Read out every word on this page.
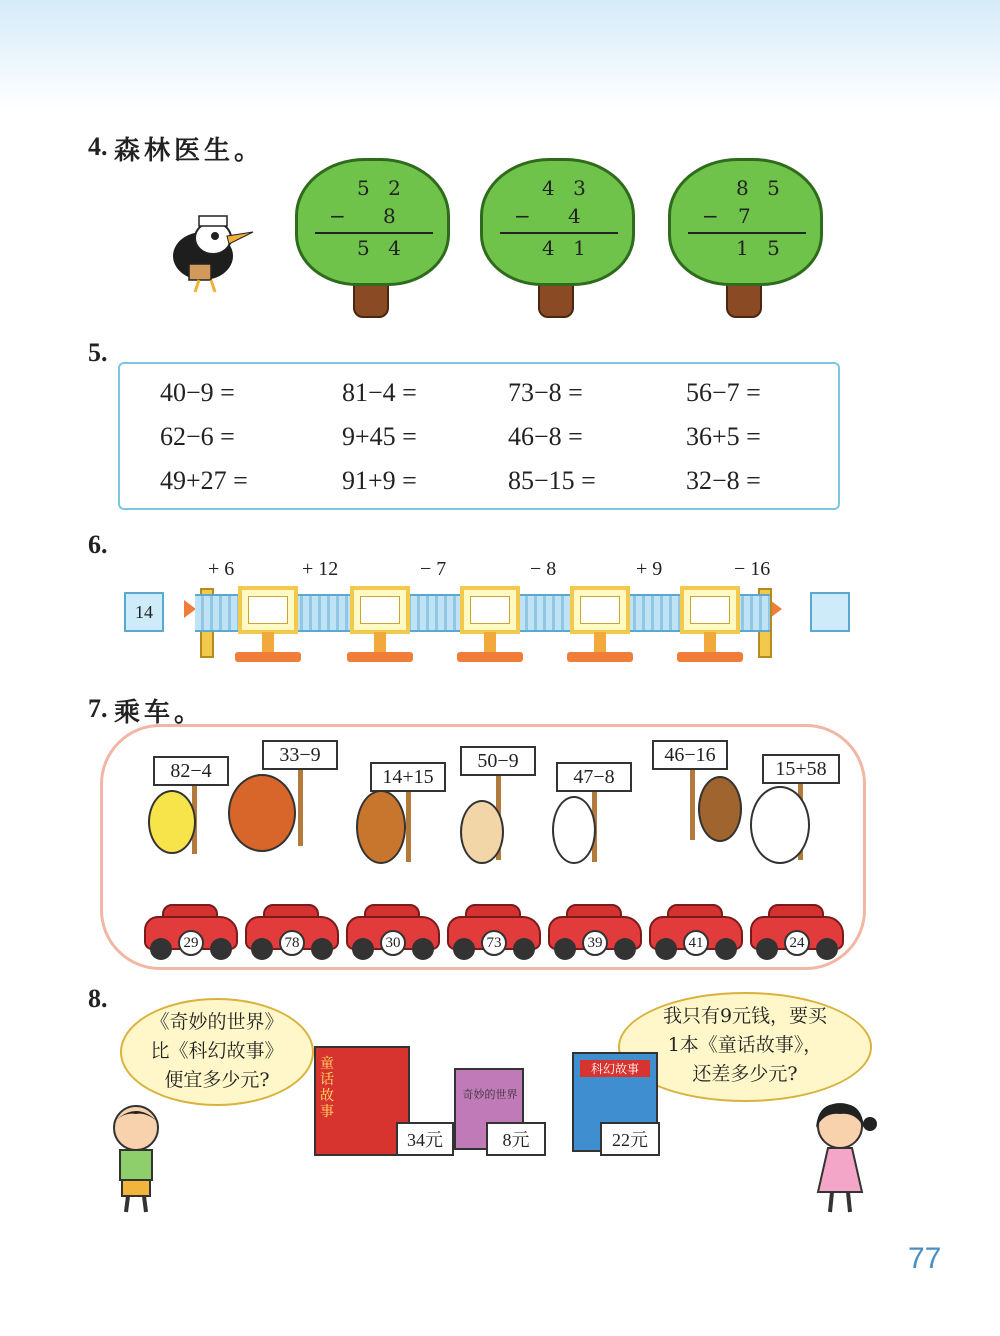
4. 森林医生。
5 2
− 8
5 4
4 3
− 4
4 1
8 5
− 7
1 5
5.
40−9 =	81−4 =	73−8 =	56−7 =
62−6 =	9+45 =	46−8 =	36+5 =
49+27 =	91+9 =	85−15 =	32−8 =
6.
14
+ 6	+ 12	− 7	− 8	+ 9	− 16
7. 乘车。
82−4
33−9
14+15
50−9
47−8
46−16
15+58
29	78	30	73	39	41	24
8.
《奇妙的世界》
比《科幻故事》
便宜多少元?
我只有9元钱，要买
1本《童话故事》，
还差多少元?
童话故事
奇妙的世界
科幻故事
34元	8元	22元
77
